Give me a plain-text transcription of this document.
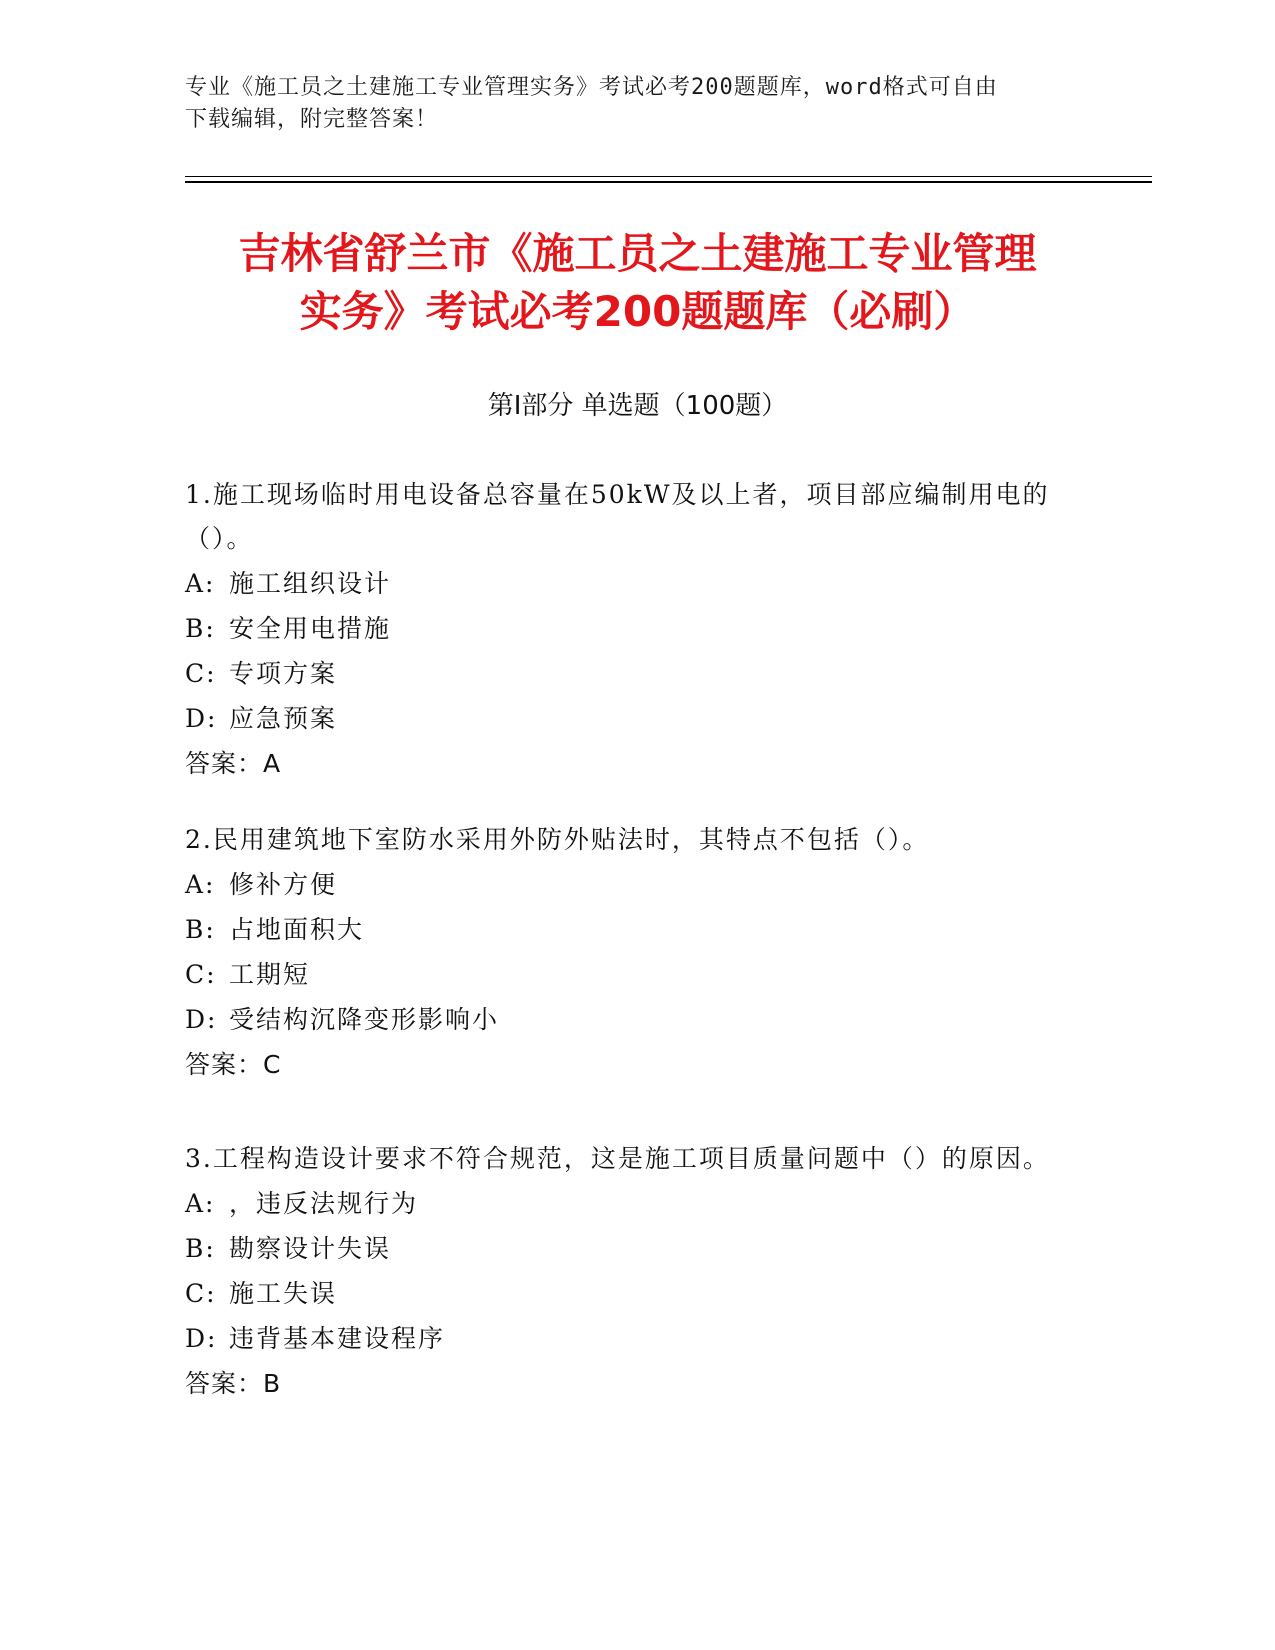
专业《施工员之土建施工专业管理实务》考试必考200题题库，word格式可自由
下载编辑，附完整答案！
吉林省舒兰市《施工员之土建施工专业管理
实务》考试必考200题题库（必刷）
第I部分 单选题（100题）

1.施工现场临时用电设备总容量在50kW及以上者，项目部应编制用电的（）。

A: 施工组织设计

B: 安全用电措施

C: 专项方案

D: 应急预案

答案：A

2.民用建筑地下室防水采用外防外贴法时，其特点不包括（）。

A: 修补方便

B: 占地面积大

C: 工期短

D: 受结构沉降变形影响小

答案：C

3.工程构造设计要求不符合规范，这是施工项目质量问题中（）的原因。

A: ，违反法规行为

B: 勘察设计失误

C: 施工失误

D: 违背基本建设程序

答案：B
